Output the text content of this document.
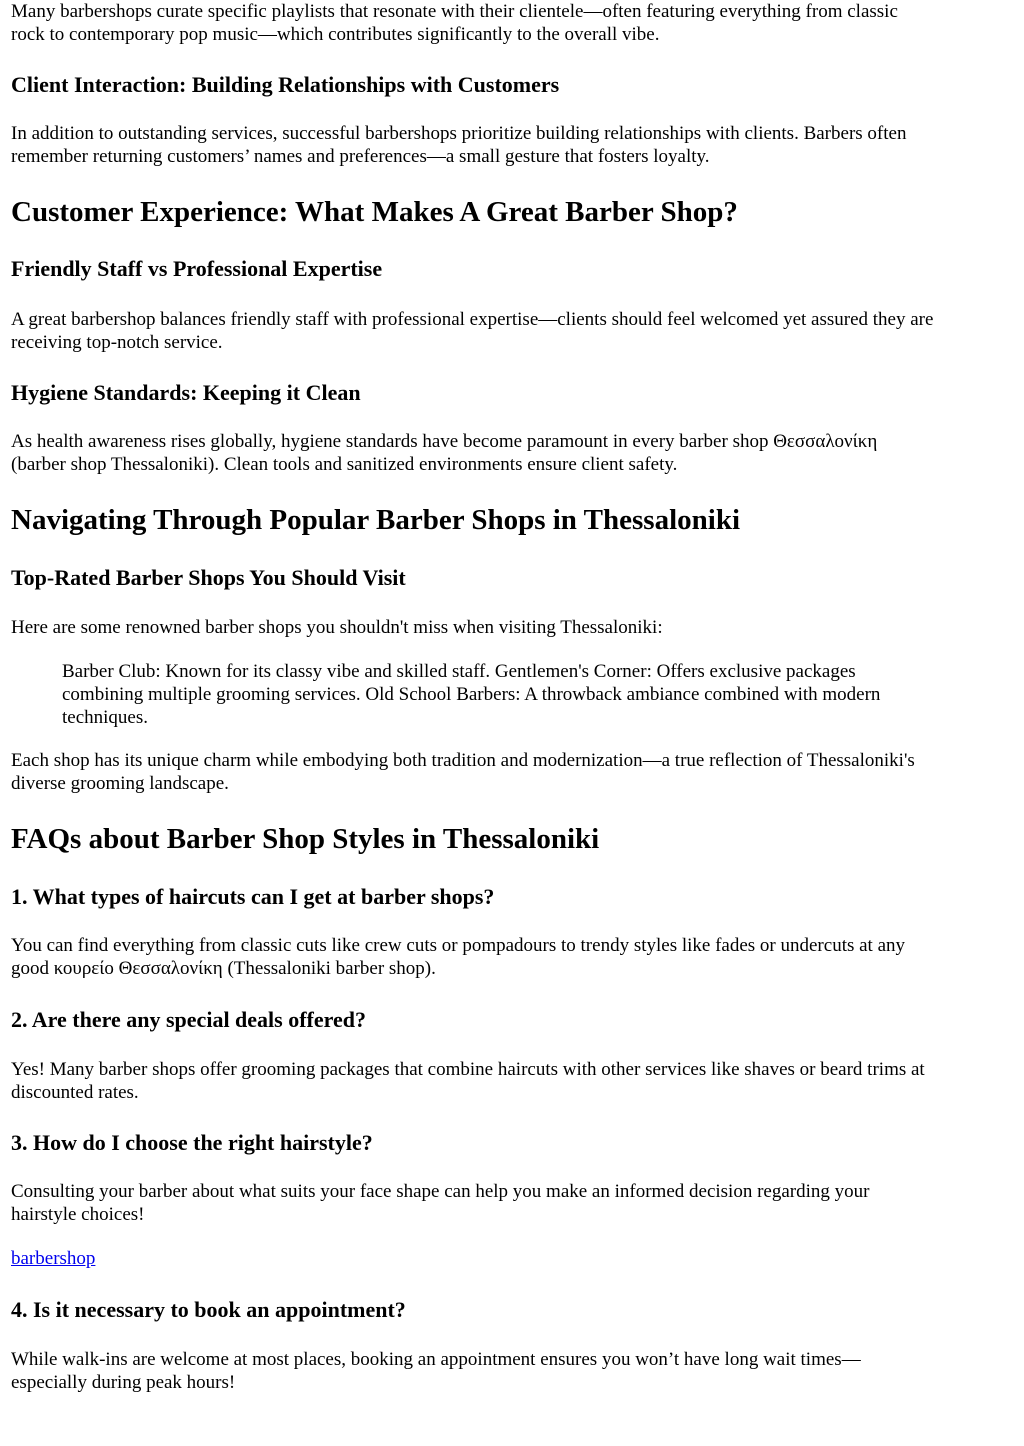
Many barbershops curate specific playlists that resonate with their clientele—often featuring everything from classic

rock to contemporary pop music—which contributes significantly to the overall vibe.

Client Interaction: Building Relationships with Customers

In addition to outstanding services, successful barbershops prioritize building relationships with clients. Barbers often

remember returning customers’ names and preferences—a small gesture that fosters loyalty.

Customer Experience: What Makes A Great Barber Shop?
Friendly Staff vs Professional Expertise

A great barbershop balances friendly staff with professional expertise—clients should feel welcomed yet assured they are

receiving top-notch service.

Hygiene Standards: Keeping it Clean

As health awareness rises globally, hygiene standards have become paramount in every barber shop Θεσσαλονίκη

(barber shop Thessaloniki). Clean tools and sanitized environments ensure client safety.

Navigating Through Popular Barber Shops in Thessaloniki
Top-Rated Barber Shops You Should Visit

Here are some renowned barber shops you shouldn't miss when visiting Thessaloniki:

Barber Club: Known for its classy vibe and skilled staff. Gentlemen's Corner: Offers exclusive packages

combining multiple grooming services. Old School Barbers: A throwback ambiance combined with modern

techniques.

Each shop has its unique charm while embodying both tradition and modernization—a true reflection of Thessaloniki's

diverse grooming landscape.

FAQs about Barber Shop Styles in Thessaloniki
1. What types of haircuts can I get at barber shops?

You can find everything from classic cuts like crew cuts or pompadours to trendy styles like fades or undercuts at any

good κουρείο Θεσσαλονίκη (Thessaloniki barber shop).

2. Are there any special deals offered?

Yes! Many barber shops offer grooming packages that combine haircuts with other services like shaves or beard trims at

discounted rates.

3. How do I choose the right hairstyle?

Consulting your barber about what suits your face shape can help you make an informed decision regarding your

hairstyle choices!

barbershop

4. Is it necessary to book an appointment?

While walk-ins are welcome at most places, booking an appointment ensures you won’t have long wait times—

especially during peak hours!
